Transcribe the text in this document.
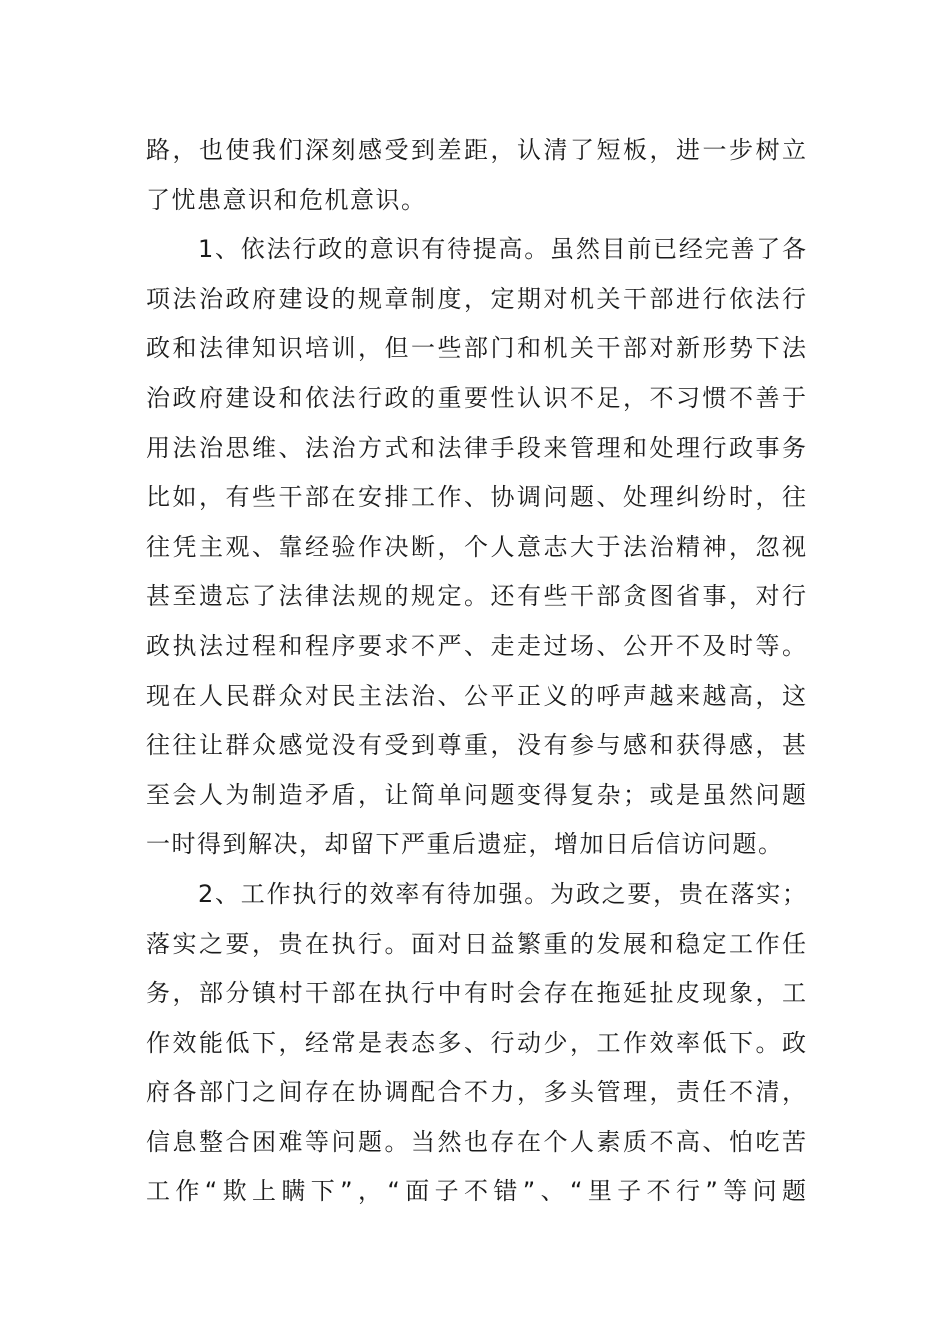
路，也使我们深刻感受到差距，认清了短板，进一步树立
了忧患意识和危机意识。
1、依法行政的意识有待提高。虽然目前已经完善了各
项法治政府建设的规章制度，定期对机关干部进行依法行
政和法律知识培训，但一些部门和机关干部对新形势下法
治政府建设和依法行政的重要性认识不足，不习惯不善于
用法治思维、法治方式和法律手段来管理和处理行政事务
比如，有些干部在安排工作、协调问题、处理纠纷时，往
往凭主观、靠经验作决断，个人意志大于法治精神，忽视
甚至遗忘了法律法规的规定。还有些干部贪图省事，对行
政执法过程和程序要求不严、走走过场、公开不及时等。
现在人民群众对民主法治、公平正义的呼声越来越高，这
往往让群众感觉没有受到尊重，没有参与感和获得感，甚
至会人为制造矛盾，让简单问题变得复杂；或是虽然问题
一时得到解决，却留下严重后遗症，增加日后信访问题。
2、工作执行的效率有待加强。为政之要，贵在落实；
落实之要，贵在执行。面对日益繁重的发展和稳定工作任
务，部分镇村干部在执行中有时会存在拖延扯皮现象，工
作效能低下，经常是表态多、行动少，工作效率低下。政
府各部门之间存在协调配合不力，多头管理，责任不清，
信息整合困难等问题。当然也存在个人素质不高、怕吃苦
工作“欺上瞒下”，“面子不错”、“里子不行”等问题
